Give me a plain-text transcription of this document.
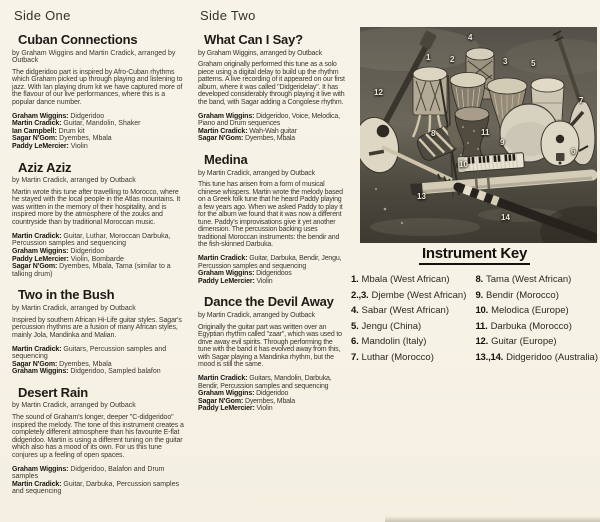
Side One
Cuban Connections

by Graham Wiggins and Martin Cradick, arranged by Outback

The didgeridoo part is inspired by Afro-Cuban rhythms which Graham picked up through playing and listening to jazz. With Ian playing drum kit we have captured more of the flavour of our live performances, where this is a popular dance number.

Graham Wiggins: Didgeridoo

Martin Cradick: Guitar, Mandolin, Shaker

Ian Campbell: Drum kit

Sagar N'Gom: Dyembes, Mbala

Paddy LeMercier: Violin

Aziz Aziz

by Martin Cradick, arranged by Outback

Martin wrote this tune after travelling to Morocco, where he stayed with the local people in the Atlas mountains. It was written in the memory of their hospitality, and is inspired more by the atmosphere of the zouks and countryside than by traditional Moroccan music.

Martin Cradick: Guitar, Luthar, Moroccan Darbuka, Percussion samples and sequencing

Graham Wiggins: Didgeridoo

Paddy LeMercier: Violin, Bombarde

Sagar N'Gom: Dyembes, Mbala, Tama (similar to a talking drum)

Two in the Bush

by Martin Cradick, arranged by Outback

Inspired by southern African Hi-Life guitar styles. Sagar's percussion rhythms are a fusion of many African styles, mainly Jola, Mandinka and Malian.

Martin Cradick: Guitars, Percussion samples and sequencing

Sagar N'Gom: Dyembes, Mbala

Graham Wiggins: Didgeridoo, Sampled balafon

Desert Rain

by Martin Cradick, arranged by Outback

The sound of Graham's longer, deeper "C-didgeridoo" inspired the melody. The tone of this instrument creates a completely different atmosphere than his favourite E-flat didgeridoo. Martin is using a different tuning on the guitar which also has a mood of its own. For us this tune conjures up a feeling of open spaces.

Graham Wiggins: Didgeridoo, Balafon and Drum samples

Martin Cradick: Guitar, Darbuka, Percussion samples and sequencing

Side Two
What Can I Say?

by Graham Wiggins, arranged by Outback

Graham originally performed this tune as a solo piece using a digital delay to build up the rhythm patterns. A live recording of it appeared on our first album, where it was called "Didgeridelay". It has developed considerably through playing it live with the band, with Sagar adding a Congolese rhythm.

Graham Wiggins: Didgeridoo, Voice, Melodica, Piano and Drum sequences

Martin Cradick: Wah-Wah guitar

Sagar N'Gom: Dyembes, Mbala

Medina

by Martin Cradick, arranged by Outback

This tune has arisen from a form of musical chinese whispers. Martin wrote the melody based on a Greek folk tune that he heard Paddy playing a few years ago. When we asked Paddy to play it for the album we found that it was now a different tune. Paddy's improvisations give it yet another dimension. The percussion backing uses traditional Moroccan instruments: the bendir and the fish-skinned Darbuka.

Martin Cradick: Guitar, Darbuka, Bendir, Jengu, Percussion samples and sequencing

Graham Wiggins: Didgeridoos

Paddy LeMercier: Violin

Dance the Devil Away

by Martin Cradick, arranged by Outback

Originally the guitar part was written over an Egyptian rhythm called "zaar", which was used to drive away evil spirits. Through performing the tune with the band it has evolved away from this, with Sagar playing a Mandinka rhythm, but the mood is still the same.

Martin Cradick: Guitars, Mandolin, Darbuka, Bendir, Percussion samples and sequencing

Graham Wiggins: Didgeridoo

Sagar N'Gom: Dyembes, Mbala

Paddy LeMercier: Violin

1 2	3
4
5
6
7
8
9
10
11
12
13
14
Instrument Key
1. Mbala (West African)
2.,3. Djembe (West African)
4. Sabar (West African)
5. Jengu (China)
6. Mandolin (Italy)
7. Luthar (Morocco)
8. Tama (West African)
9. Bendir (Morocco)
10. Melodica (Europe)
11. Darbuka (Morocco)
12. Guitar (Europe)
13.,14. Didgeridoo (Australia)
